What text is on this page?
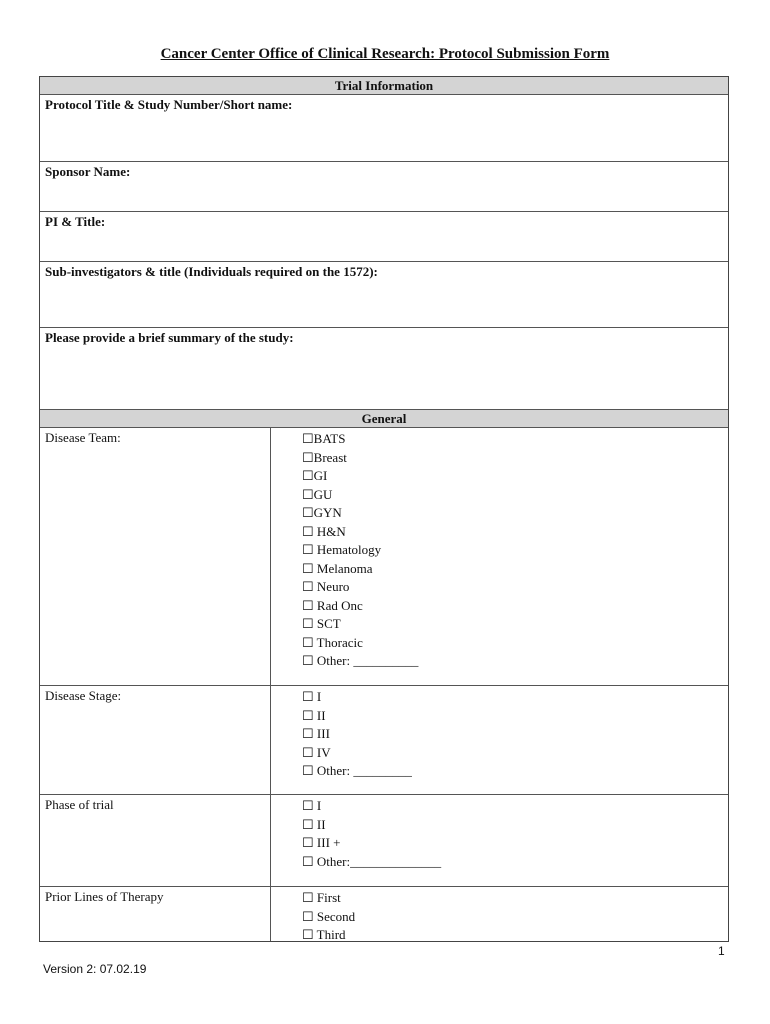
Cancer Center Office of Clinical Research: Protocol Submission Form
Trial Information
Protocol Title & Study Number/Short name:
Sponsor Name:
PI & Title:
Sub-investigators & title (Individuals required on the 1572):
Please provide a brief summary of the study:
General
Disease Team:	☐BATS
☐Breast
☐GI
☐GU
☐GYN
☐ H&N
☐ Hematology
☐ Melanoma
☐ Neuro
☐ Rad Onc
☐ SCT
☐ Thoracic
☐ Other: __________
Disease Stage:	☐ I
☐ II
☐ III
☐ IV
☐ Other: _________
Phase of trial	☐ I
☐ II
☐ III +
☐ Other:______________
Prior Lines of Therapy	☐ First
☐ Second
☐ Third
1
Version 2: 07.02.19
